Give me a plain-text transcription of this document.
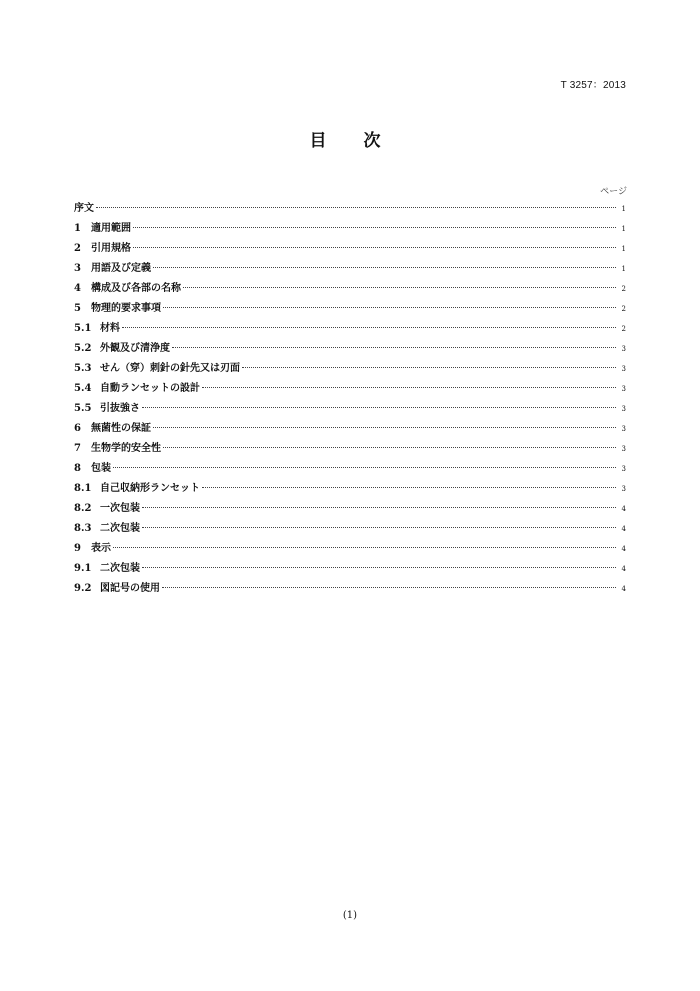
T 3257：2013
目　次
ページ
序文	1
1	適用範囲	1
2	引用規格	1
3	用語及び定義	1
4	構成及び各部の名称	2
5	物理的要求事項	2
5.1 材料	2
5.2 外観及び清浄度	3
5.3 せん（穿）刺針の針先又は刃面	3
5.4 自動ランセットの設計	3
5.5 引抜強さ	3
6	無菌性の保証	3
7	生物学的安全性	3
8	包装	3
8.1 自己収納形ランセット	3
8.2 一次包装	4
8.3 二次包装	4
9	表示	4
9.1 二次包装	4
9.2 図記号の使用	4
(1)
